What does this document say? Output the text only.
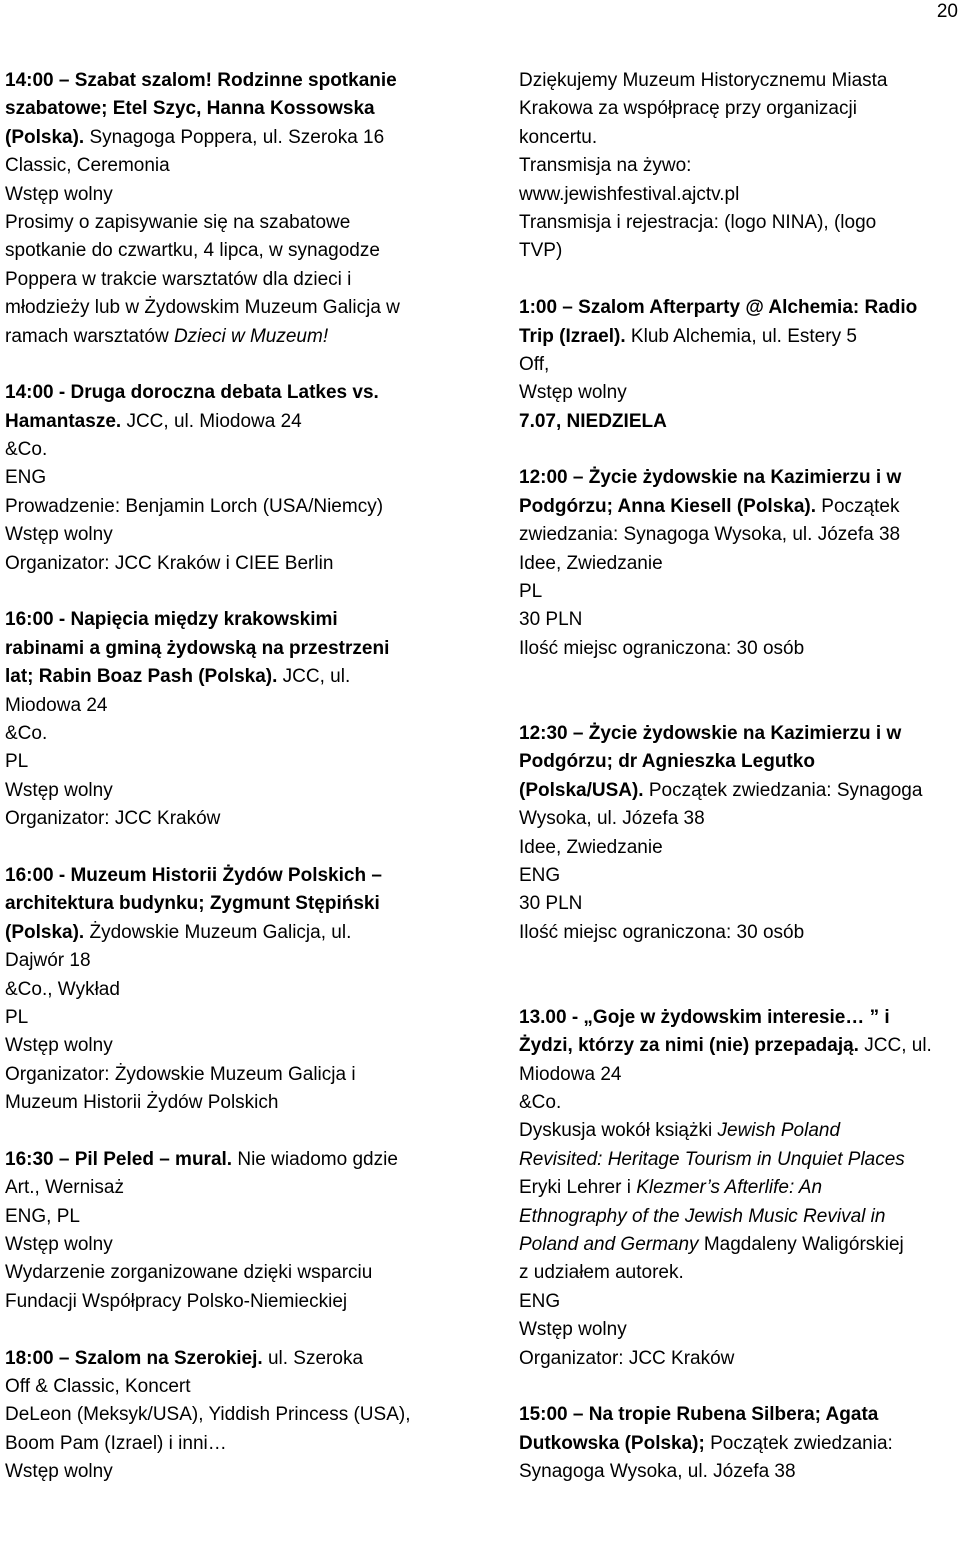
20
14:00 – Szabat szalom! Rodzinne spotkanie
szabatowe; Etel Szyc, Hanna Kossowska
(Polska). Synagoga Poppera, ul. Szeroka 16
Classic, Ceremonia
Wstęp wolny
Prosimy o zapisywanie się na szabatowe
spotkanie do czwartku, 4 lipca, w synagodze
Poppera w trakcie warsztatów dla dzieci i
młodzieży lub w Żydowskim Muzeum Galicja w
ramach warsztatów Dzieci w Muzeum!
14:00 - Druga doroczna debata Latkes vs.
Hamantasze. JCC, ul. Miodowa 24
&Co.
ENG
Prowadzenie: Benjamin Lorch (USA/Niemcy)
Wstęp wolny
Organizator: JCC Kraków i CIEE Berlin
16:00 - Napięcia między krakowskimi
rabinami a gminą żydowską na przestrzeni
lat; Rabin Boaz Pash (Polska). JCC, ul.
Miodowa 24
&Co.
PL
Wstęp wolny
Organizator: JCC Kraków
16:00 - Muzeum Historii Żydów Polskich –
architektura budynku; Zygmunt Stępiński
(Polska). Żydowskie Muzeum Galicja, ul.
Dajwór 18
&Co., Wykład
PL
Wstęp wolny
Organizator: Żydowskie Muzeum Galicja i
Muzeum Historii Żydów Polskich
16:30 – Pil Peled – mural. Nie wiadomo gdzie
Art., Wernisaż
ENG, PL
Wstęp wolny
Wydarzenie zorganizowane dzięki wsparciu
Fundacji Współpracy Polsko-Niemieckiej
18:00 – Szalom na Szerokiej. ul. Szeroka
Off & Classic, Koncert
DeLeon (Meksyk/USA), Yiddish Princess (USA),
Boom Pam (Izrael) i inni…
Wstęp wolny
Dziękujemy Muzeum Historycznemu Miasta
Krakowa za współpracę przy organizacji
koncertu.
Transmisja na żywo:
www.jewishfestival.ajctv.pl
Transmisja i rejestracja: (logo NINA), (logo
TVP)
1:00 – Szalom Afterparty @ Alchemia: Radio
Trip (Izrael). Klub Alchemia, ul. Estery 5
Off,
Wstęp wolny
7.07, NIEDZIELA
12:00 – Życie żydowskie na Kazimierzu i w
Podgórzu; Anna Kiesell (Polska). Początek
zwiedzania: Synagoga Wysoka, ul. Józefa 38
Idee, Zwiedzanie
PL
30 PLN
Ilość miejsc ograniczona: 30 osób
12:30 – Życie żydowskie na Kazimierzu i w
Podgórzu; dr Agnieszka Legutko
(Polska/USA). Początek zwiedzania: Synagoga
Wysoka, ul. Józefa 38
Idee, Zwiedzanie
ENG
30 PLN
Ilość miejsc ograniczona: 30 osób
13.00 - „Goje w żydowskim interesie… ” i
Żydzi, którzy za nimi (nie) przepadają. JCC, ul.
Miodowa 24
&Co.
Dyskusja wokół książki Jewish Poland
Revisited: Heritage Tourism in Unquiet Places
Eryki Lehrer i Klezmer’s Afterlife: An
Ethnography of the Jewish Music Revival in
Poland and Germany Magdaleny Waligórskiej
z udziałem autorek.
ENG
Wstęp wolny
Organizator: JCC Kraków
15:00 – Na tropie Rubena Silbera; Agata
Dutkowska (Polska); Początek zwiedzania:
Synagoga Wysoka, ul. Józefa 38
